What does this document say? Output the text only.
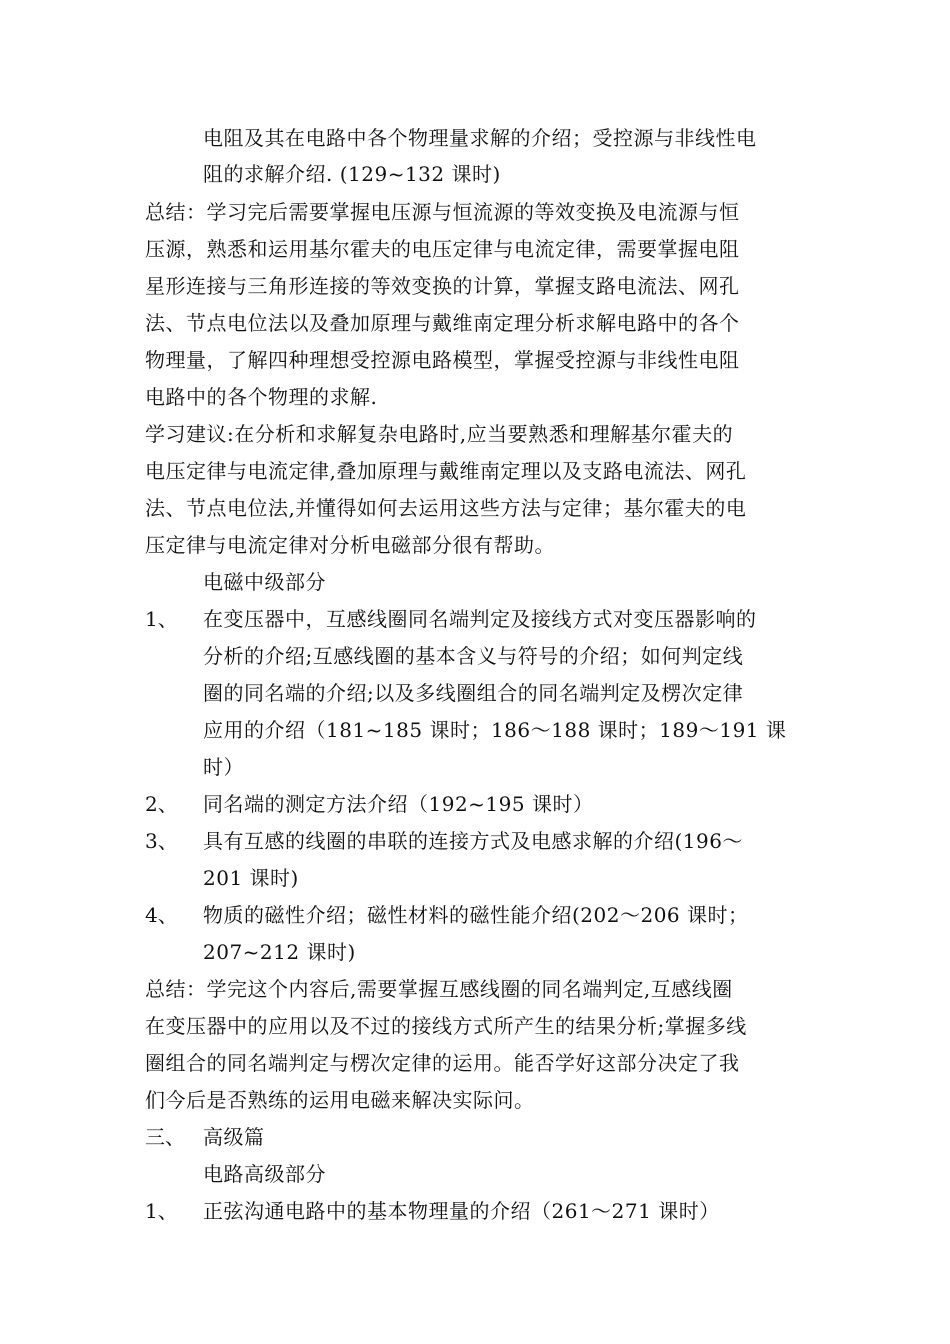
电阻及其在电路中各个物理量求解的介绍；受控源与非线性电
阻的求解介绍. (129~132 课时)
总结：学习完后需要掌握电压源与恒流源的等效变换及电流源与恒
压源，熟悉和运用基尔霍夫的电压定律与电流定律，需要掌握电阻
星形连接与三角形连接的等效变换的计算，掌握支路电流法、网孔
法、节点电位法以及叠加原理与戴维南定理分析求解电路中的各个
物理量，了解四种理想受控源电路模型，掌握受控源与非线性电阻
电路中的各个物理的求解.
学习建议:在分析和求解复杂电路时,应当要熟悉和理解基尔霍夫的
电压定律与电流定律,叠加原理与戴维南定理以及支路电流法、网孔
法、节点电位法,并懂得如何去运用这些方法与定律；基尔霍夫的电
压定律与电流定律对分析电磁部分很有帮助。
电磁中级部分
1、 在变压器中，互感线圈同名端判定及接线方式对变压器影响的
分析的介绍;互感线圈的基本含义与符号的介绍；如何判定线
圈的同名端的介绍;以及多线圈组合的同名端判定及楞次定律
应用的介绍（181~185 课时；186～188 课时；189～191 课
时）
2、 同名端的测定方法介绍（192~195 课时）
3、 具有互感的线圈的串联的连接方式及电感求解的介绍(196～
201 课时)
4、 物质的磁性介绍；磁性材料的磁性能介绍(202～206 课时；
207~212 课时)
总结：学完这个内容后,需要掌握互感线圈的同名端判定,互感线圈
在变压器中的应用以及不过的接线方式所产生的结果分析;掌握多线
圈组合的同名端判定与楞次定律的运用。能否学好这部分决定了我
们今后是否熟练的运用电磁来解决实际问。
三、 高级篇
电路高级部分
1、 正弦沟通电路中的基本物理量的介绍（261～271 课时）
